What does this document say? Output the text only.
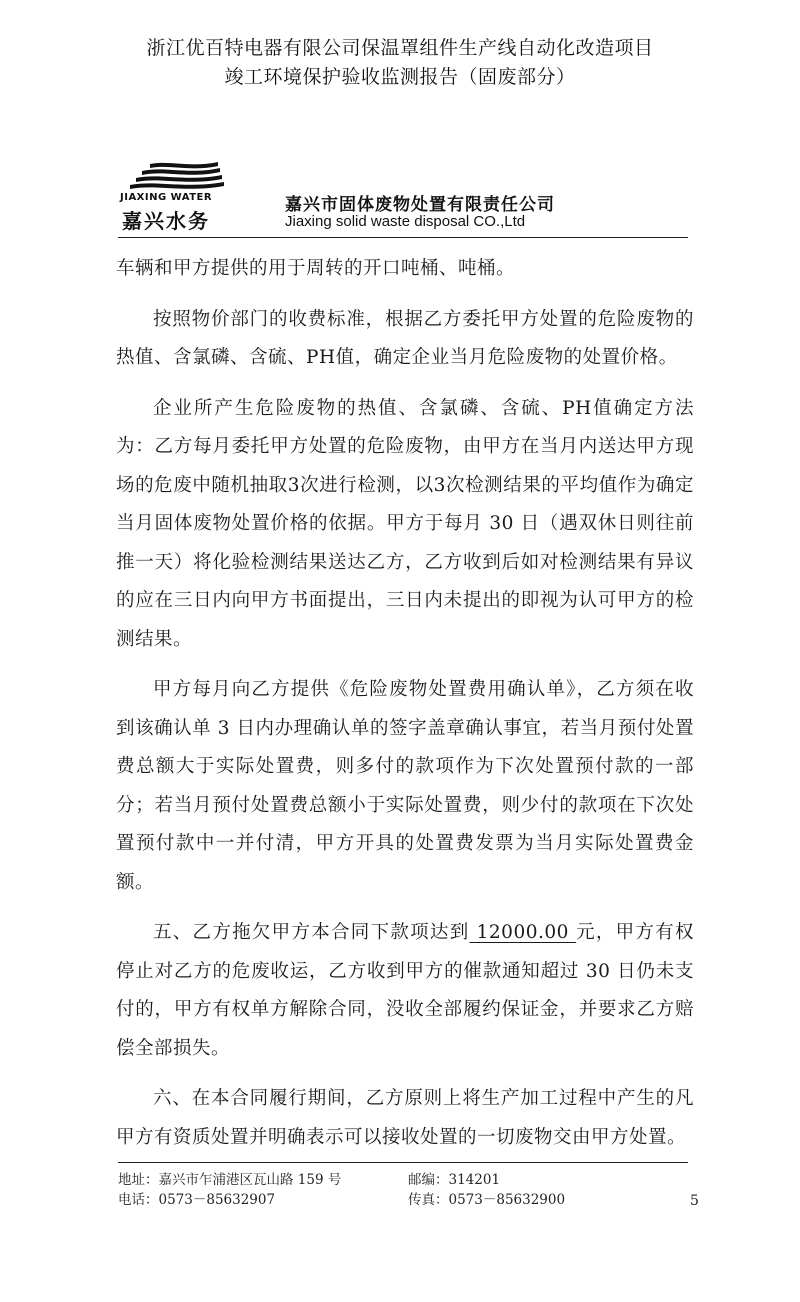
浙江优百特电器有限公司保温罩组件生产线自动化改造项目
竣工环境保护验收监测报告（固废部分）
JIAXING WATER
嘉兴水务
嘉兴市固体废物处置有限责任公司
Jiaxing solid waste disposal CO.,Ltd

车辆和甲方提供的用于周转的开口吨桶、吨桶。

按照物价部门的收费标准，根据乙方委托甲方处置的危险废物的热值、含氯磷、含硫、PH值，确定企业当月危险废物的处置价格。

企业所产生危险废物的热值、含氯磷、含硫、PH值确定方法为：乙方每月委托甲方处置的危险废物，由甲方在当月内送达甲方现场的危废中随机抽取3次进行检测，以3次检测结果的平均值作为确定当月固体废物处置价格的依据。甲方于每月 30 日（遇双休日则往前推一天）将化验检测结果送达乙方，乙方收到后如对检测结果有异议的应在三日内向甲方书面提出，三日内未提出的即视为认可甲方的检测结果。

甲方每月向乙方提供《危险废物处置费用确认单》，乙方须在收到该确认单 3 日内办理确认单的签字盖章确认事宜，若当月预付处置费总额大于实际处置费，则多付的款项作为下次处置预付款的一部分；若当月预付处置费总额小于实际处置费，则少付的款项在下次处置预付款中一并付清，甲方开具的处置费发票为当月实际处置费金额。

五、乙方拖欠甲方本合同下款项达到 12000.00 元，甲方有权停止对乙方的危废收运，乙方收到甲方的催款通知超过 30 日仍未支付的，甲方有权单方解除合同，没收全部履约保证金，并要求乙方赔偿全部损失。

六、在本合同履行期间，乙方原则上将生产加工过程中产生的凡甲方有资质处置并明确表示可以接收处置的一切废物交由甲方处置。

地址：嘉兴市乍浦港区瓦山路 159 号	邮编：314201
电话：0573－85632907	传真：0573－85632900	5
